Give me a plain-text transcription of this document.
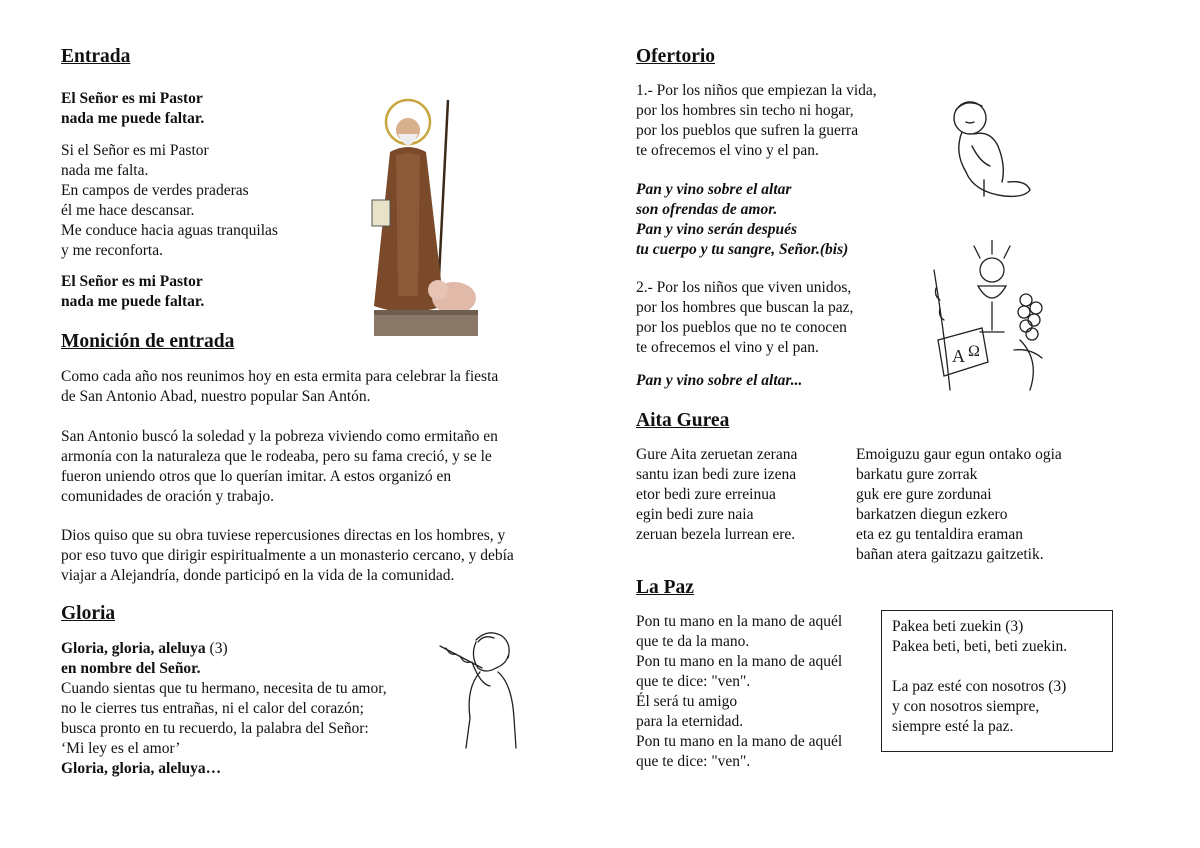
Entrada
El Señor es mi Pastor
nada me puede faltar.
Si el Señor es mi Pastor
nada me falta.
En campos de verdes praderas
él me hace descansar.
Me conduce hacia aguas tranquilas
y me reconforta.
El Señor es mi Pastor
nada me puede faltar.
Monición de entrada
Como cada año nos reunimos hoy en esta ermita para celebrar la fiesta
de San Antonio Abad, nuestro popular San Antón.
San Antonio buscó la soledad y la pobreza viviendo como ermitaño en
armonía con la naturaleza que le rodeaba, pero su fama creció, y se le
fueron uniendo otros que lo querían imitar. A estos organizó en
comunidades de oración y trabajo.
Dios quiso que su obra tuviese repercusiones directas en los hombres, y
por eso tuvo que dirigir espiritualmente a un monasterio cercano, y debía
viajar a Alejandría, donde participó en la vida de la comunidad.
Gloria
Gloria, gloria, aleluya (3)
en nombre del Señor.
Cuando sientas que tu hermano, necesita de tu amor,
no le cierres tus entrañas, ni el calor del corazón;
busca pronto en tu recuerdo, la palabra del Señor:
‘Mi ley es el amor’
Gloria, gloria, aleluya…
Ofertorio
1.- Por los niños que empiezan la vida,
por los hombres sin techo ni hogar,
por los pueblos que sufren la guerra
te ofrecemos el vino y el pan.
Pan y vino sobre el altar
son ofrendas de amor.
Pan y vino serán después
tu cuerpo y tu sangre, Señor.(bis)
2.- Por los niños que viven unidos,
por los hombres que buscan la paz,
por los pueblos que no te conocen
te ofrecemos el vino y el pan.
Pan y vino sobre el altar...
Aita Gurea
Gure Aita zeruetan zerana
santu izan bedi zure izena
etor bedi zure erreinua
egin bedi zure naia
zeruan bezela lurrean ere.
Emoiguzu gaur egun ontako ogia
barkatu gure zorrak
guk ere gure zordunai
barkatzen diegun ezkero
eta ez gu tentaldira eraman
bañan atera gaitzazu gaitzetik.
La Paz
Pon tu mano en la mano de aquél
que te da la mano.
Pon tu mano en la mano de aquél
que te dice: "ven".
Él será tu amigo
para la eternidad.
Pon tu mano en la mano de aquél
que te dice: "ven".
Pakea beti zuekin (3)
Pakea beti, beti, beti zuekin.
La paz esté con nosotros (3)
y con nosotros siempre,
siempre esté la paz.
A Ω
